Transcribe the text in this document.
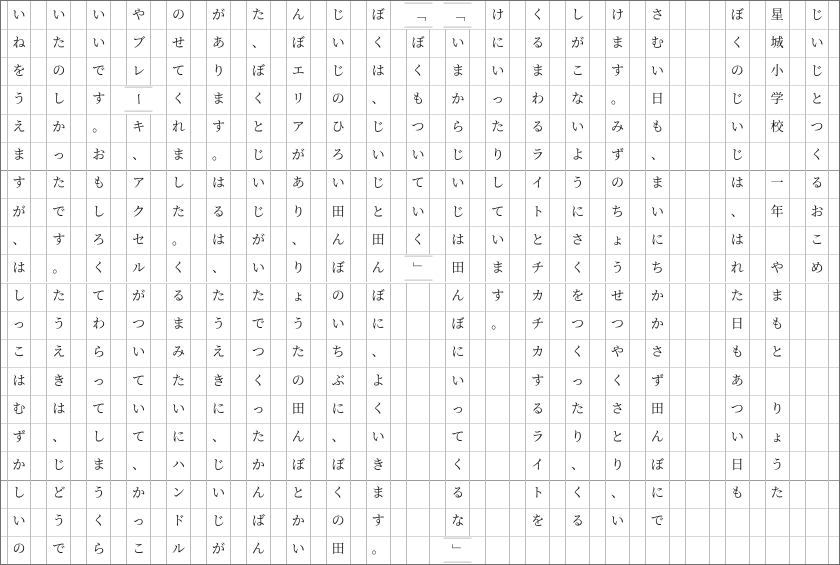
い
ね
を
う
え
ま
す
が
、
は
し
っ
こ
は
む
ず
か
し
い
の
い
た
の
し
か
っ
た
で
す
。
た
う
え
き
は
、
じ
ど
う
で
い
い
で
す
。
お
も
し
ろ
く
て
わ
ら
っ
て
し
ま
う
く
ら
や
ブ
レ
ー
キ
、
ア
ク
セ
ル
が
つ
い
て
い
て
、
か
っ
こ
の
せ
て
く
れ
ま
し
た
。
く
る
ま
み
た
い
に
ハ
ン
ド
ル
が
あ
り
ま
す
。
は
る
は
、
た
う
え
き
に
、
じ
い
じ
が
た
、
ぼ
く
と
じ
い
じ
が
い
た
で
つ
く
っ
た
か
ん
ば
ん
ん
ぼ
エ
リ
ア
が
あ
り
、
り
ょ
う
た
の
田
ん
ぼ
と
か
い
じ
い
じ
の
ひ
ろ
い
田
ん
ぼ
の
い
ち
ぶ
に
、
ぼ
く
の
田
ぼ
く
は
、
じ
い
じ
と
田
ん
ぼ
に
、
よ
く
い
き
ま
す
。
「
ぼ
く
も
つ
い
て
い
く
」
「
い
ま
か
ら
じ
い
じ
は
田
ん
ぼ
に
い
っ
て
く
る
な
」
け
に
い
っ
た
り
し
て
い
ま
す
。
く
る
ま
わ
る
ラ
イ
ト
と
チ
カ
チ
カ
す
る
ラ
イ
ト
を
し
が
こ
な
い
よ
う
に
さ
く
を
つ
く
っ
た
り
、
く
る
け
ま
す
。
み
ず
の
ち
ょ
う
せ
つ
や
く
さ
と
り
、
い
さ
む
い
日
も
、
ま
い
に
ち
か
か
さ
ず
田
ん
ぼ
に
で
ぼ
く
の
じ
い
じ
は
、
は
れ
た
日
も
あ
つ
い
日
も
星
城
小
学
校
一
年
や
ま
も
と
り
ょ
う
た
じ
い
じ
と
つ
く
る
お
こ
め
